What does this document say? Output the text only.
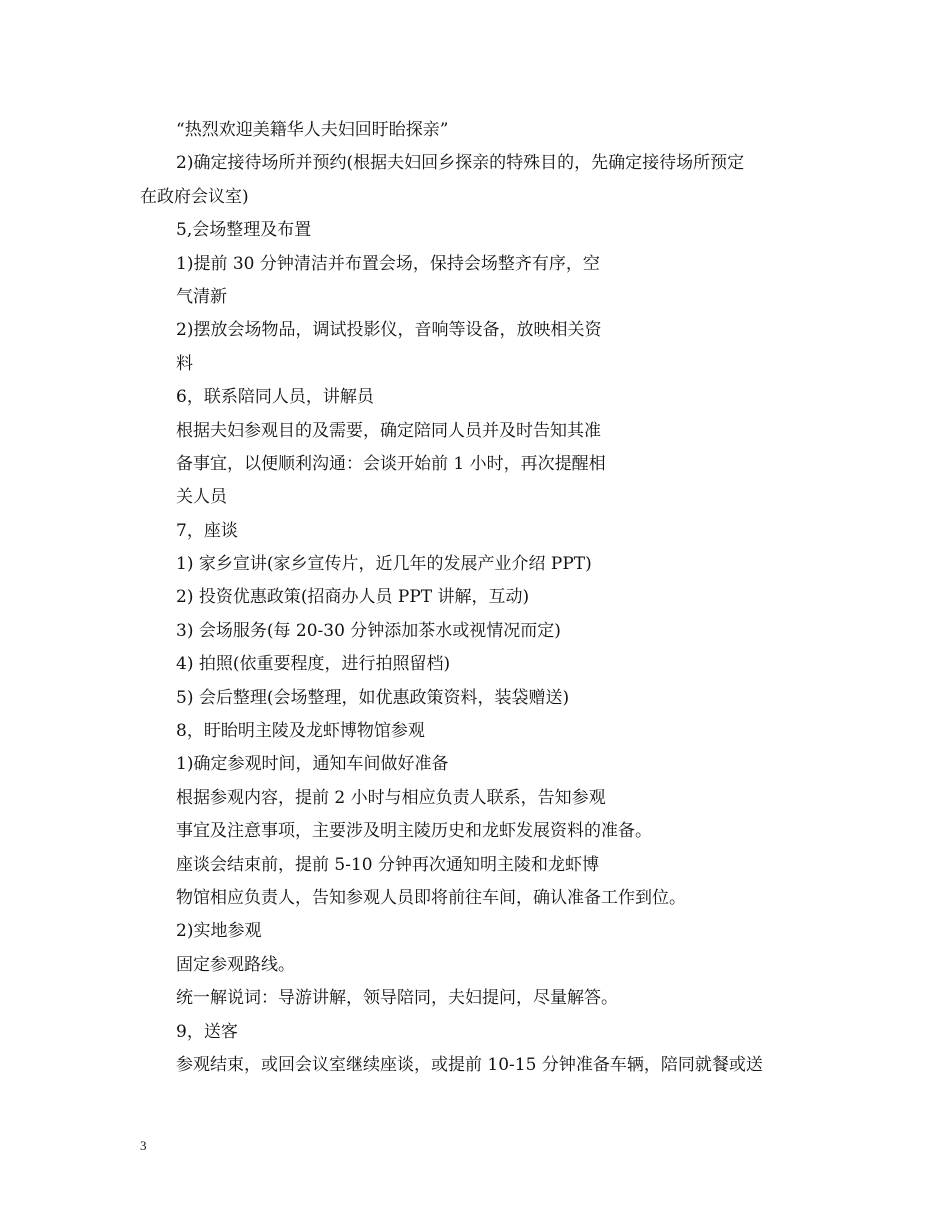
“热烈欢迎美籍华人夫妇回盱眙探亲”
2)确定接待场所并预约(根据夫妇回乡探亲的特殊目的，先确定接待场所预定
在政府会议室)
5,会场整理及布置
1)提前 30 分钟清洁并布置会场，保持会场整齐有序，空
气清新
2)摆放会场物品，调试投影仪，音响等设备，放映相关资
料
6，联系陪同人员，讲解员
根据夫妇参观目的及需要，确定陪同人员并及时告知其准
备事宜，以便顺利沟通：会谈开始前 1 小时，再次提醒相
关人员
7，座谈
1) 家乡宣讲(家乡宣传片，近几年的发展产业介绍 PPT)
2) 投资优惠政策(招商办人员 PPT 讲解，互动)
3) 会场服务(每 20-30 分钟添加茶水或视情况而定)
4) 拍照(依重要程度，进行拍照留档)
5) 会后整理(会场整理，如优惠政策资料，装袋赠送)
8，盱眙明主陵及龙虾博物馆参观
1)确定参观时间，通知车间做好准备
根据参观内容，提前 2 小时与相应负责人联系，告知参观
事宜及注意事项，主要涉及明主陵历史和龙虾发展资料的准备。
座谈会结束前，提前 5-10 分钟再次通知明主陵和龙虾博
物馆相应负责人，告知参观人员即将前往车间，确认准备工作到位。
2)实地参观
固定参观路线。
统一解说词：导游讲解，领导陪同，夫妇提问，尽量解答。
9，送客
参观结束，或回会议室继续座谈，或提前 10-15 分钟准备车辆，陪同就餐或送
3
